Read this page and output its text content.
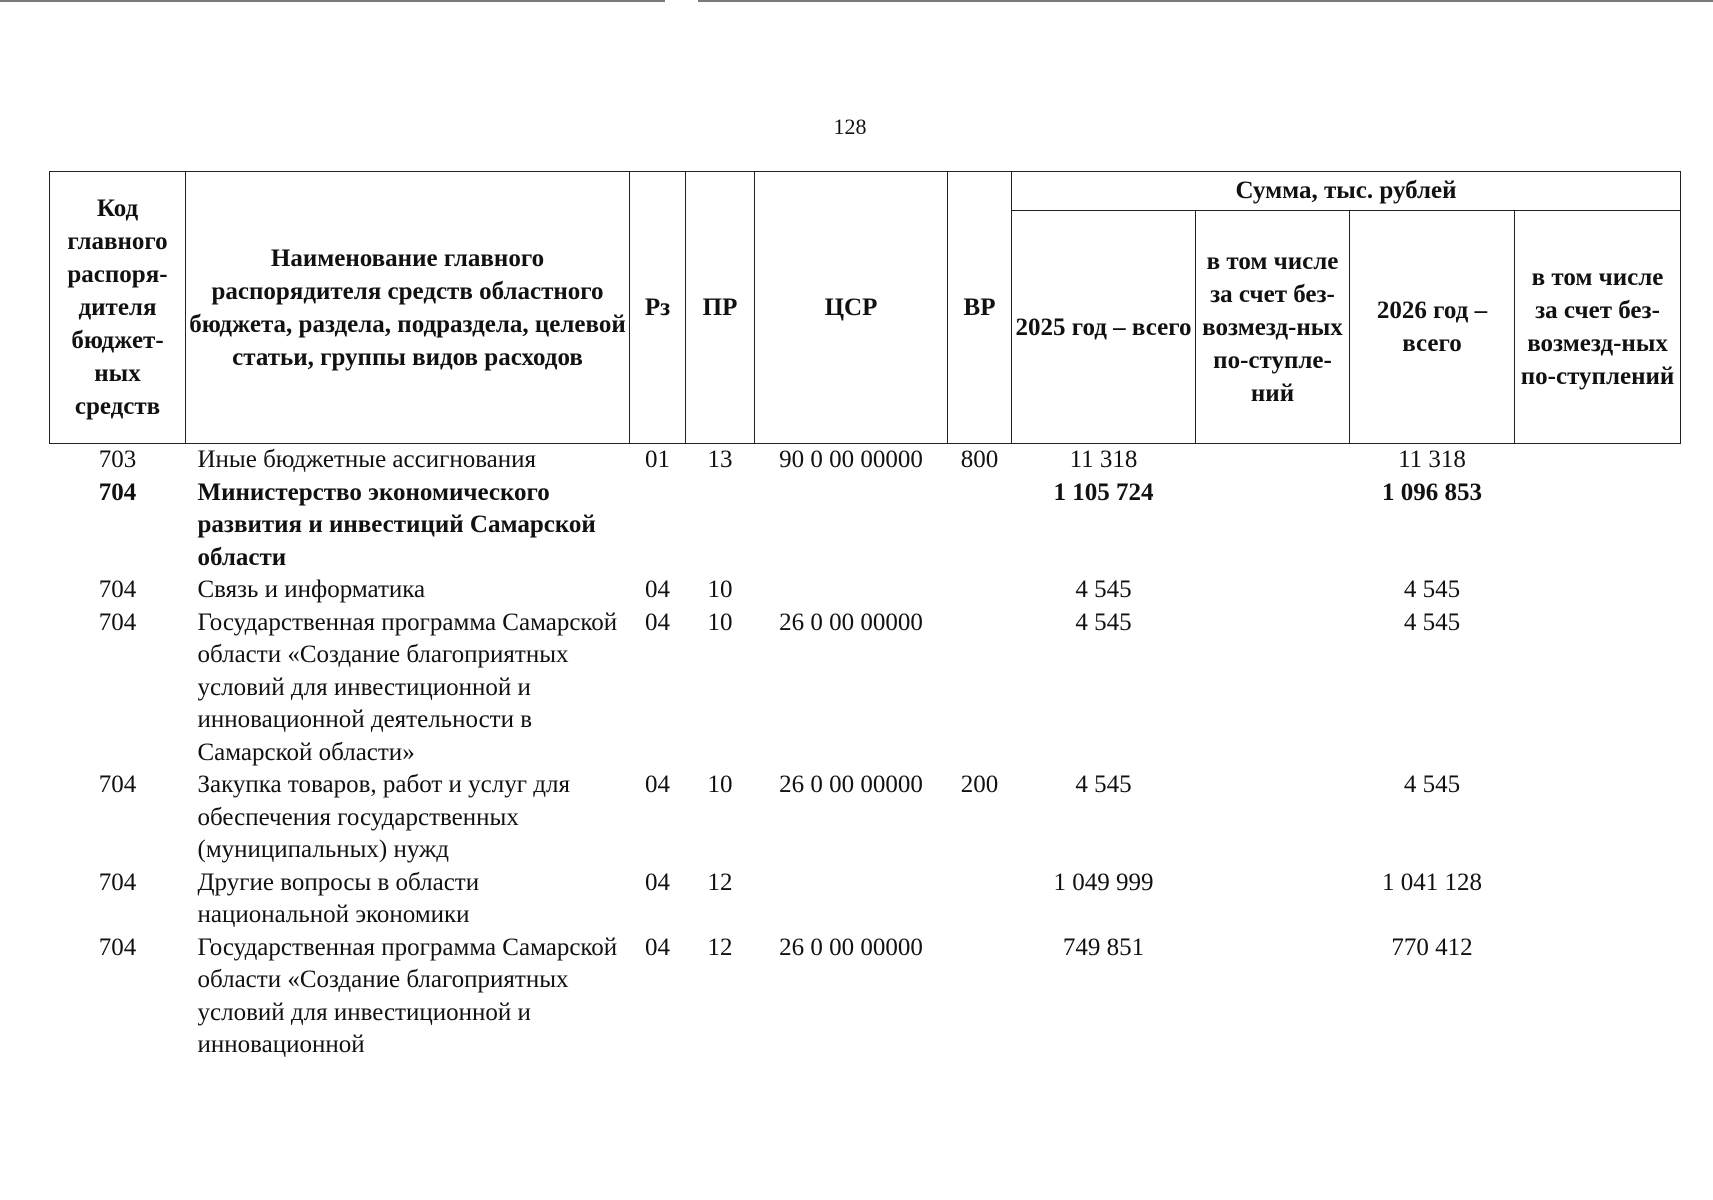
128
Код главного распоря-дителя бюджет-ных средств	Наименование главного распорядителя средств областного бюджета, раздела, подраздела, целевой статьи, группы видов расходов	Рз	ПР	ЦСР	ВР	Сумма, тыс. рублей			
						2025 год – всего	в том числе за счет без-возмезд-ных по-ступле-ний	2026 год – всего	в том числе за счет без-возмезд-ных по-ступлений
703	Иные бюджетные ассигнования	01	13	90 0 00 00000	800	11 318		11 318	
704	Министерство экономического развития и инвестиций Самарской области					1 105 724		1 096 853	
704	Связь и информатика	04	10			4 545		4 545	
704	Государственная программа Самарской области «Создание благоприятных условий для инвестиционной и инновационной деятельности в Самарской области»	04	10	26 0 00 00000		4 545		4 545	
704	Закупка товаров, работ и услуг для обеспечения государственных (муниципальных) нужд	04	10	26 0 00 00000	200	4 545		4 545	
704	Другие вопросы в области национальной экономики	04	12			1 049 999		1 041 128	
704	Государственная программа Самарской области «Создание благоприятных условий для инвестиционной и инновационной	04	12	26 0 00 00000		749 851		770 412	
